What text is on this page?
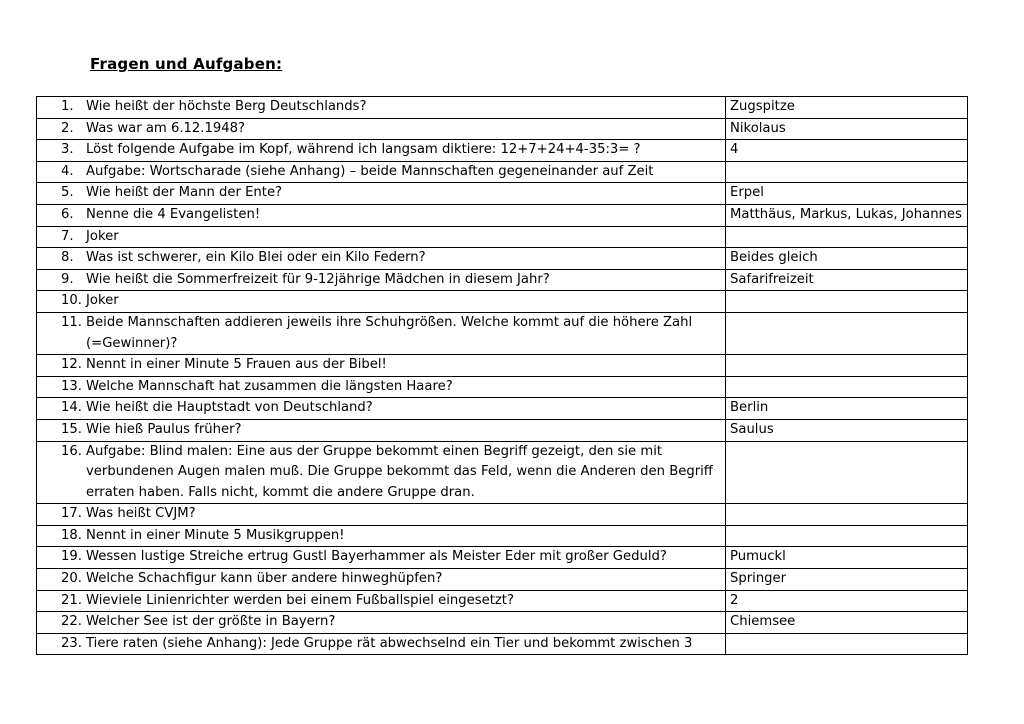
Fragen und Aufgaben:
1. Wie heißt der höchste Berg Deutschlands?	Zugspitze

2. Was war am 6.12.1948?	Nikolaus

3. Löst folgende Aufgabe im Kopf, während ich langsam diktiere: 12+7+24+4-35:3= ?	4

4. Aufgabe: Wortscharade (siehe Anhang) – beide Mannschaften gegeneinander auf Zeit	

5. Wie heißt der Mann der Ente?	Erpel

6. Nenne die 4 Evangelisten!	Matthäus, Markus, Lukas, Johannes

7. Joker	

8. Was ist schwerer, ein Kilo Blei oder ein Kilo Federn?	Beides gleich

9. Wie heißt die Sommerfreizeit für 9-12jährige Mädchen in diesem Jahr?	Safarifreizeit

10. Joker	

11. Beide Mannschaften addieren jeweils ihre Schuhgrößen. Welche kommt auf die höhere Zahl (=Gewinner)?	

12. Nennt in einer Minute 5 Frauen aus der Bibel!	

13. Welche Mannschaft hat zusammen die längsten Haare?	

14. Wie heißt die Hauptstadt von Deutschland?	Berlin

15. Wie hieß Paulus früher?	Saulus

16. Aufgabe: Blind malen: Eine aus der Gruppe bekommt einen Begriff gezeigt, den sie mit verbundenen Augen malen muß. Die Gruppe bekommt das Feld, wenn die Anderen den Begriff erraten haben. Falls nicht, kommt die andere Gruppe dran.	

17. Was heißt CVJM?	

18. Nennt in einer Minute 5 Musikgruppen!	

19. Wessen lustige Streiche ertrug Gustl Bayerhammer als Meister Eder mit großer Geduld?	Pumuckl

20. Welche Schachfigur kann über andere hinweghüpfen?	Springer

21. Wieviele Linienrichter werden bei einem Fußballspiel eingesetzt?	2

22. Welcher See ist der größte in Bayern?	Chiemsee

23. Tiere raten (siehe Anhang): Jede Gruppe rät abwechselnd ein Tier und bekommt zwischen 3	
